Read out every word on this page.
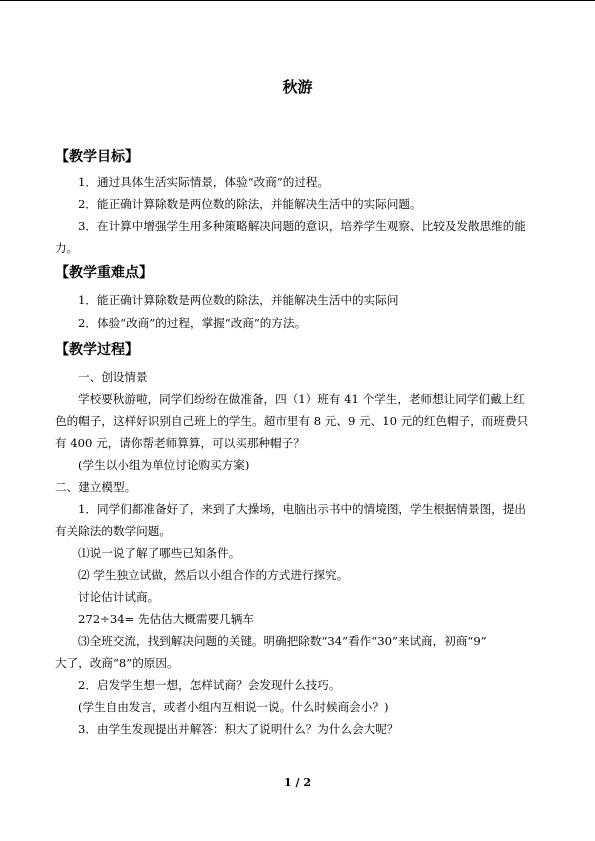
秋游
【教学目标】
1．通过具体生活实际情景，体验“改商”的过程。
2．能正确计算除数是两位数的除法，并能解决生活中的实际问题。
3．在计算中增强学生用多种策略解决问题的意识，培养学生观察、比较及发散思维的能
力。
【教学重难点】
1．能正确计算除数是两位数的除法，并能解决生活中的实际问
2．体验“改商”的过程，掌握“改商”的方法。
【教学过程】
一、创设情景
学校要秋游啦，同学们纷纷在做准备，四（1）班有 41 个学生，老师想让同学们戴上红
色的帽子，这样好识别自己班上的学生。超市里有 8 元、9 元、10 元的红色帽子，而班费只
有 400 元，请你帮老师算算，可以买那种帽子？
(学生以小组为单位讨论购买方案)
二、建立模型。
1．同学们都准备好了，来到了大操场，电脑出示书中的情境图，学生根据情景图，提出
有关除法的数学问题。
⑴说一说了解了哪些已知条件。
⑵ 学生独立试做，然后以小组合作的方式进行探究。
讨论估计试商。
272÷34= 先估估大概需要几辆车
⑶全班交流，找到解决问题的关键。明确把除数“34”看作“30”来试商，初商“9”
大了，改商“8”的原因。
2．启发学生想一想，怎样试商？会发现什么技巧。
(学生自由发言，或者小组内互相说一说。什么时候商会小？)
3．由学生发现提出并解答：积大了说明什么？为什么会大呢？
1 / 2
